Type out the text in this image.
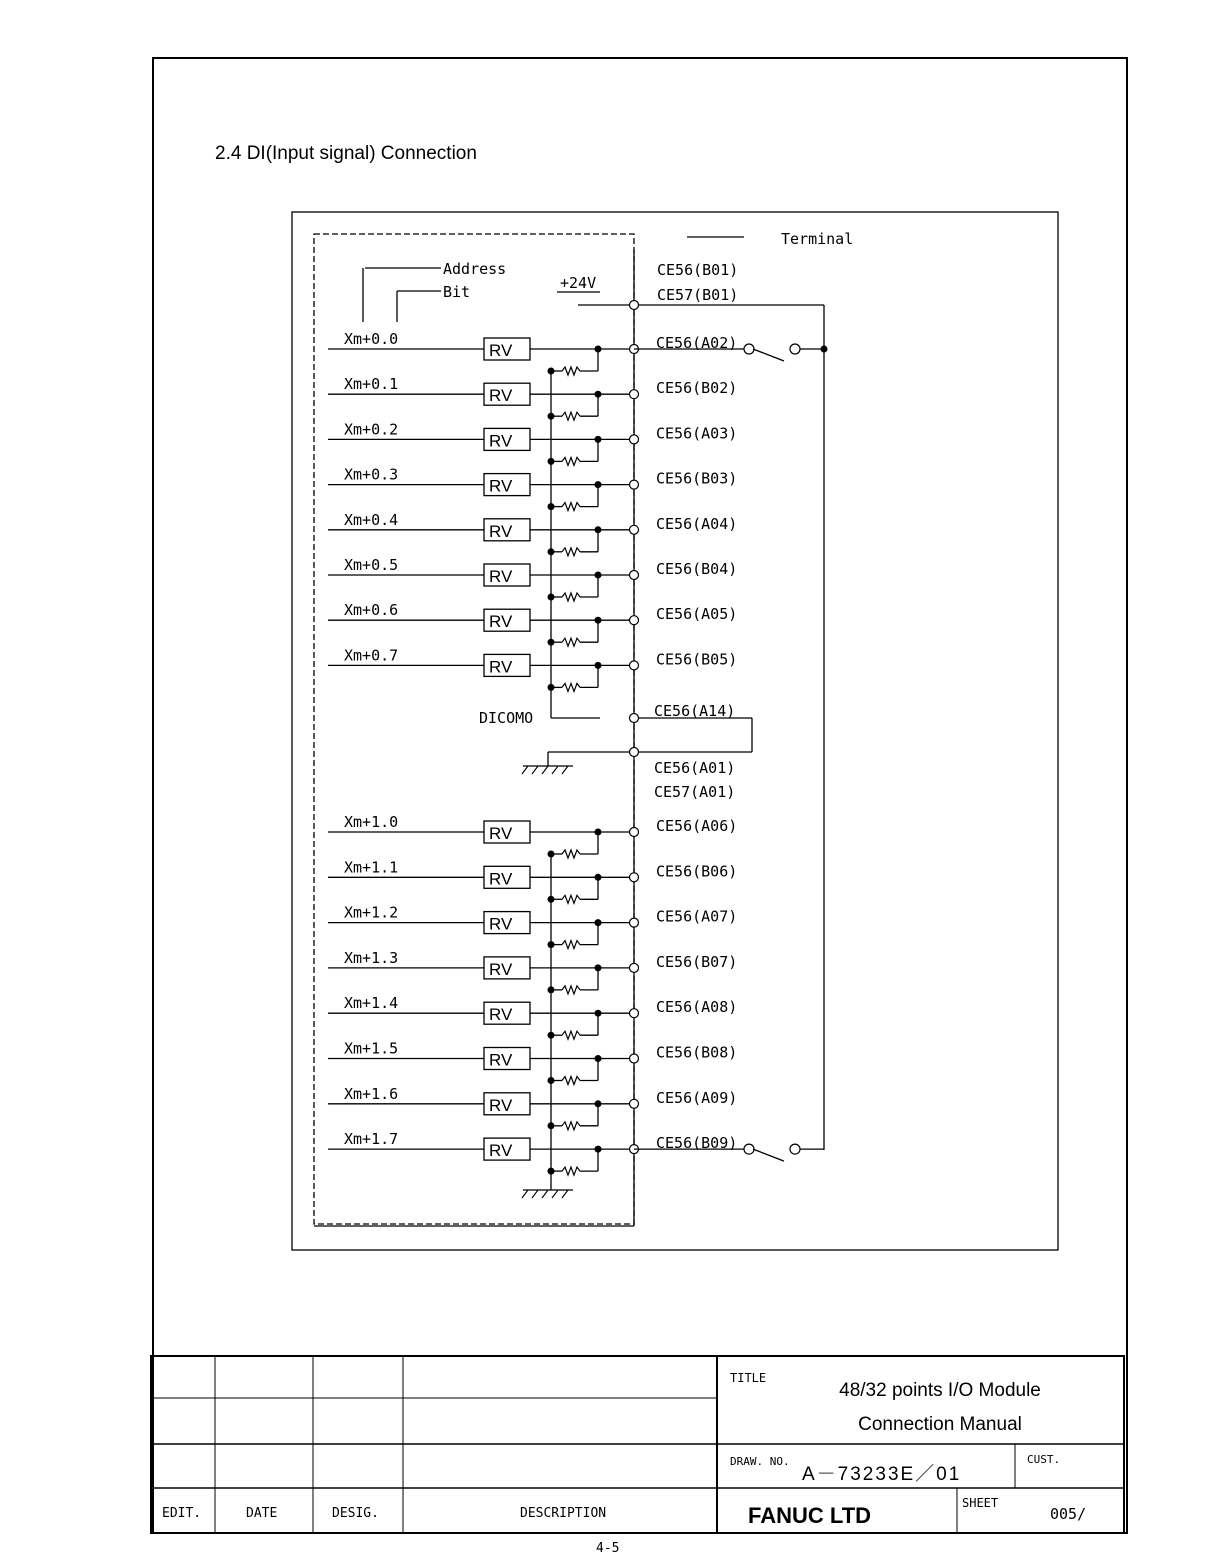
2.4 DI(Input signal) Connection
Terminal
Address
Bit	+24V
CE56(B01)
CE57(B01)
DICOMO	CE56(A14)
CE56(A01)
CE57(A01)
RV
Xm+0.0	CE56(A02)
RV
Xm+0.1	CE56(B02)
RV
Xm+0.2	CE56(A03)
RV
Xm+0.3	CE56(B03)
RV
Xm+0.4	CE56(A04)
RV
Xm+0.5	CE56(B04)
RV
Xm+0.6	CE56(A05)
RV
Xm+0.7	CE56(B05)
RV
Xm+1.0	CE56(A06)
RV
Xm+1.1	CE56(B06)
RV
Xm+1.2	CE56(A07)
RV
Xm+1.3	CE56(B07)
RV
Xm+1.4	CE56(A08)
RV
Xm+1.5	CE56(B08)
RV
Xm+1.6	CE56(A09)
RV
Xm+1.7	CE56(B09)
TITLE
48/32 points I/O Module
Connection Manual
DRAW. NO.
A－73233E／01
CUST.
FANUC LTD	SHEET
005/
EDIT.	DATE	DESIG.	DESCRIPTION
4-5
